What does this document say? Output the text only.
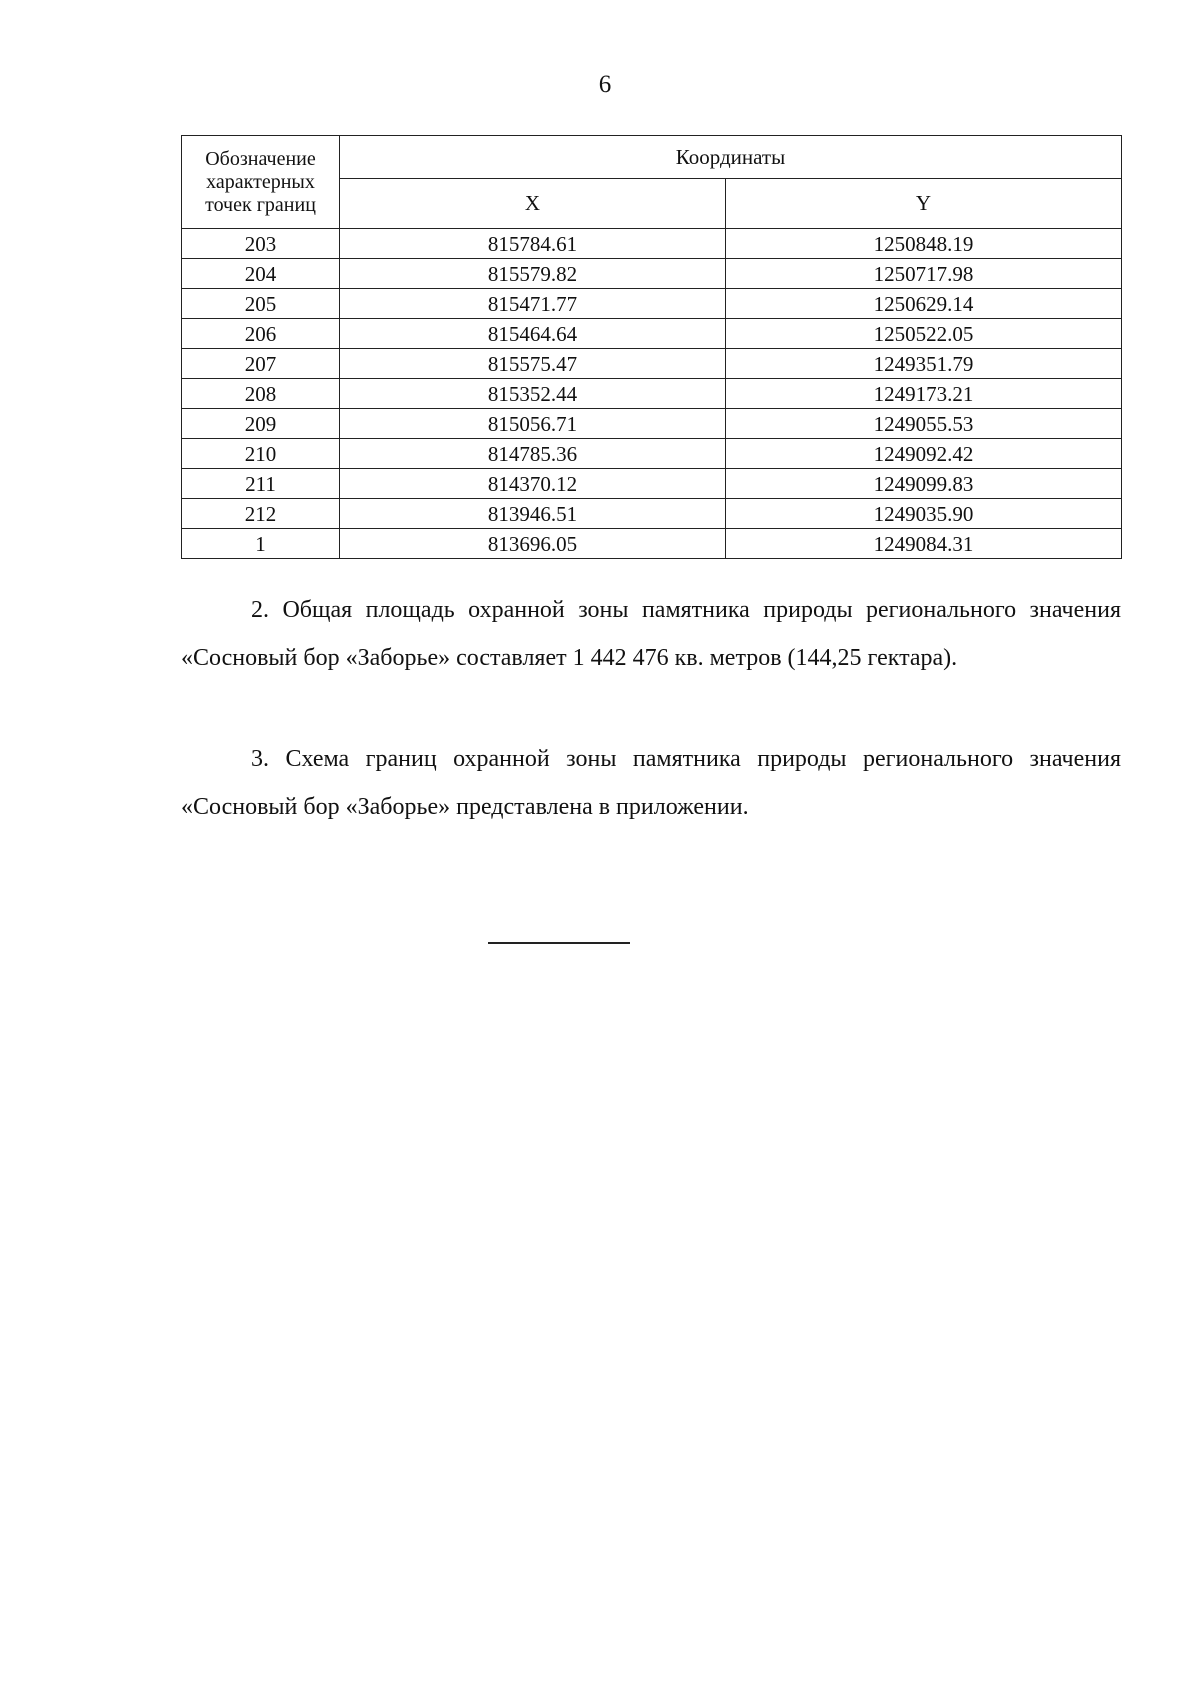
6
Обозначение характерных точек границ	Координаты	
	X	Y
203	815784.61	1250848.19
204	815579.82	1250717.98
205	815471.77	1250629.14
206	815464.64	1250522.05
207	815575.47	1249351.79
208	815352.44	1249173.21
209	815056.71	1249055.53
210	814785.36	1249092.42
211	814370.12	1249099.83
212	813946.51	1249035.90
1	813696.05	1249084.31

2. Общая площадь охранной зоны памятника природы регионального значения «Сосновый бор «Заборье» составляет 1 442 476 кв. метров (144,25 гектара).

3. Схема границ охранной зоны памятника природы регионального значения «Сосновый бор «Заборье» представлена в приложении.
